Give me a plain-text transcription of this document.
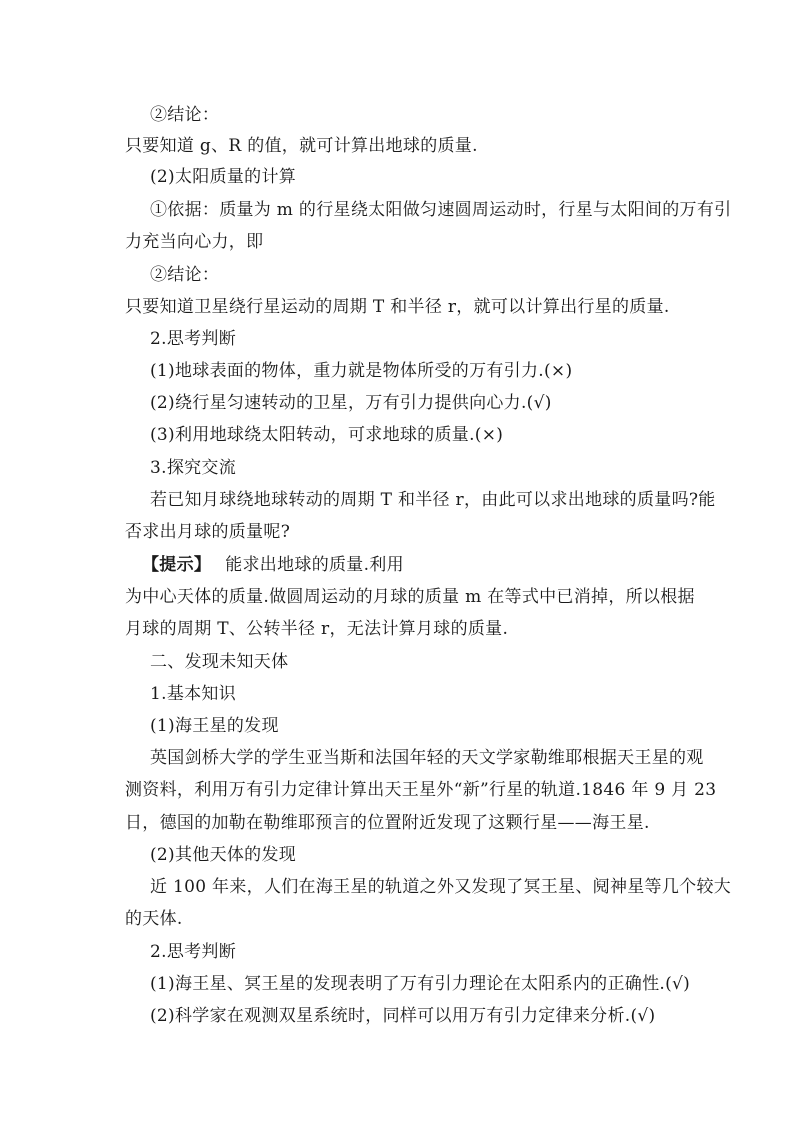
②结论：
只要知道 g、R 的值，就可计算出地球的质量.
(2)太阳质量的计算
①依据：质量为 m 的行星绕太阳做匀速圆周运动时，行星与太阳间的万有引
力充当向心力，即
②结论：
只要知道卫星绕行星运动的周期 T 和半径 r，就可以计算出行星的质量.
2.思考判断
(1)地球表面的物体，重力就是物体所受的万有引力.(×)
(2)绕行星匀速转动的卫星，万有引力提供向心力.(√)
(3)利用地球绕太阳转动，可求地球的质量.(×)
3.探究交流
若已知月球绕地球转动的周期 T 和半径 r，由此可以求出地球的质量吗?能
否求出月球的质量呢?
【提示】 能求出地球的质量.利用
为中心天体的质量.做圆周运动的月球的质量 m 在等式中已消掉，所以根据
月球的周期 T、公转半径 r，无法计算月球的质量.
二、发现未知天体
1.基本知识
(1)海王星的发现
英国剑桥大学的学生亚当斯和法国年轻的天文学家勒维耶根据天王星的观
测资料，利用万有引力定律计算出天王星外“新”行星的轨道.1846 年 9 月 23
日，德国的加勒在勒维耶预言的位置附近发现了这颗行星——海王星.
(2)其他天体的发现
近 100 年来，人们在海王星的轨道之外又发现了冥王星、阋神星等几个较大
的天体.
2.思考判断
(1)海王星、冥王星的发现表明了万有引力理论在太阳系内的正确性.(√)
(2)科学家在观测双星系统时，同样可以用万有引力定律来分析.(√)
